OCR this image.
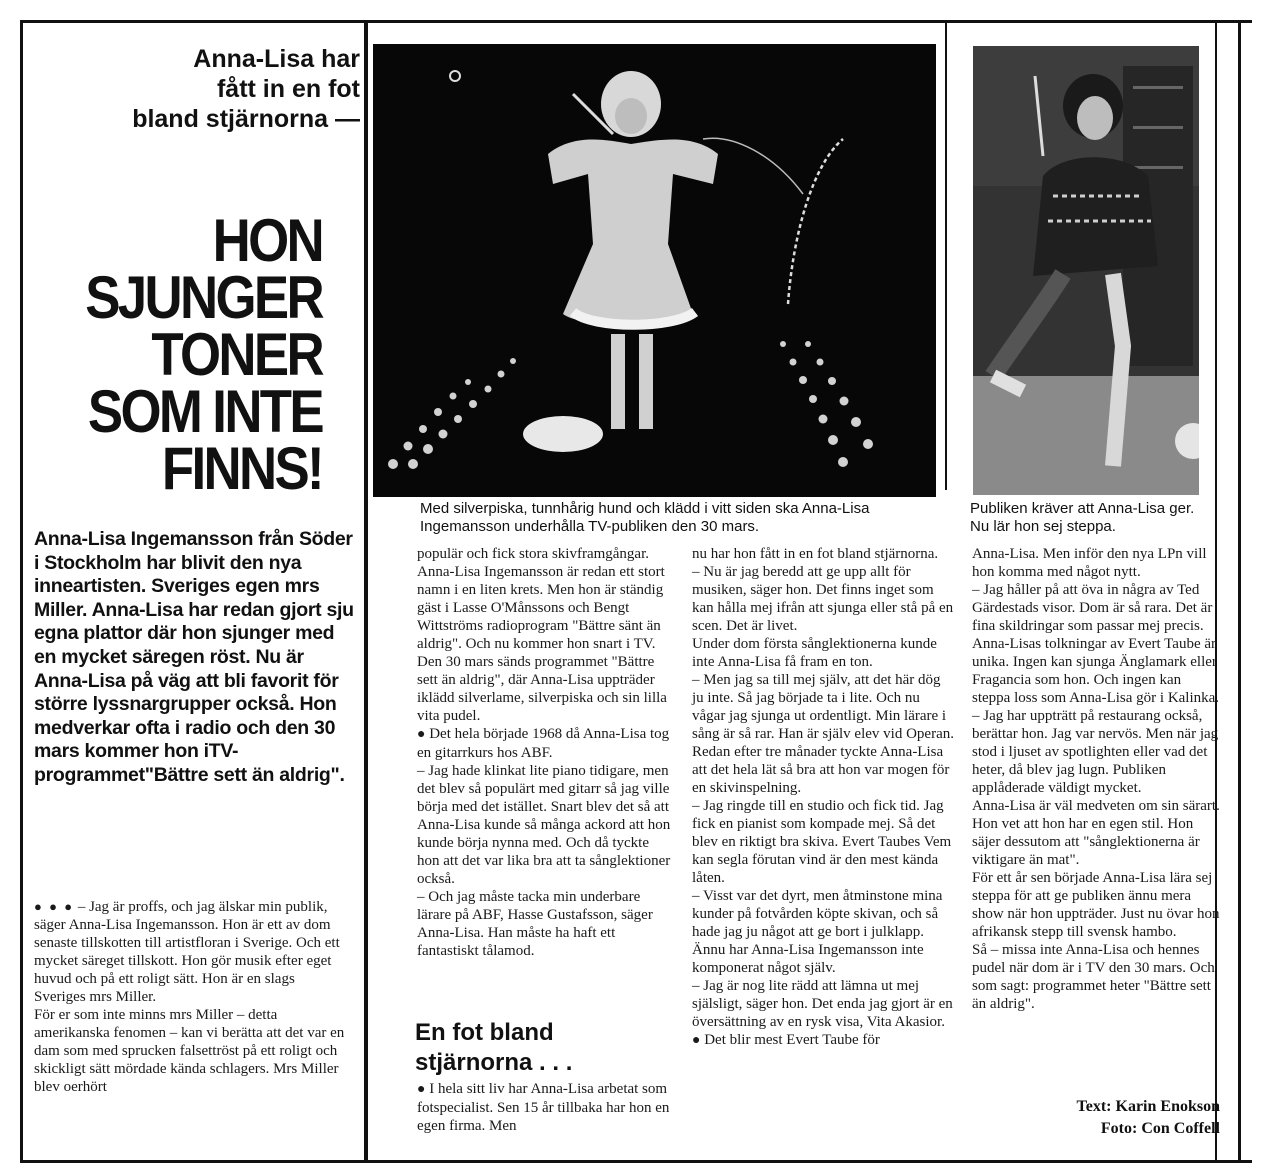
Anna-Lisa har
fått in en fot
bland stjärnorna —
HON
SJUNGER
TONER
SOM INTE
FINNS!
Anna-Lisa Ingemansson från Söder i Stockholm har blivit den nya inneartisten. Sveriges egen mrs Miller. Anna-Lisa har redan gjort sju egna plattor där hon sjunger med en mycket säregen röst. Nu är Anna-Lisa på väg att bli favorit för större lyssnargrupper också. Hon medverkar ofta i radio och den 30 mars kommer hon iTV-programmet"Bättre sett än aldrig".
Med silverpiska, tunnhårig hund och klädd i vitt siden ska Anna-Lisa Ingemansson underhålla TV-publiken den 30 mars.
Publiken kräver att Anna-Lisa ger. Nu lär hon sej steppa.

● ● ● – Jag är proffs, och jag älskar min publik, säger Anna-Lisa Ingemansson. Hon är ett av dom senaste tillskotten till artistfloran i Sverige. Och ett mycket säreget tillskott. Hon gör musik efter eget huvud och på ett roligt sätt. Hon är en slags Sveriges mrs Miller.

För er som inte minns mrs Miller – detta amerikanska fenomen – kan vi berätta att det var en dam som med sprucken falsettröst på ett roligt och skickligt sätt mördade kända schlagers. Mrs Miller blev oerhört

populär och fick stora skivframgångar.

Anna-Lisa Ingemansson är redan ett stort namn i en liten krets. Men hon är ständig gäst i Lasse O'Månssons och Bengt Wittströms radioprogram "Bättre sänt än aldrig". Och nu kommer hon snart i TV. Den 30 mars sänds programmet "Bättre sett än aldrig", där Anna-Lisa uppträder iklädd silverlame, silverpiska och sin lilla vita pudel.

● Det hela började 1968 då Anna-Lisa tog en gitarrkurs hos ABF.

– Jag hade klinkat lite piano tidigare, men det blev så populärt med gitarr så jag ville börja med det istället. Snart blev det så att Anna-Lisa kunde så många ackord att hon kunde börja nynna med. Och då tyckte hon att det var lika bra att ta sånglektioner också.

– Och jag måste tacka min underbare lärare på ABF, Hasse Gustafsson, säger Anna-Lisa. Han måste ha haft ett fantastiskt tålamod.

En fot bland
stjärnorna . . .

● I hela sitt liv har Anna-Lisa arbetat som fotspecialist. Sen 15 år tillbaka har hon en egen firma. Men

nu har hon fått in en fot bland stjärnorna.

– Nu är jag beredd att ge upp allt för musiken, säger hon. Det finns inget som kan hålla mej ifrån att sjunga eller stå på en scen. Det är livet.

Under dom första sånglektionerna kunde inte Anna-Lisa få fram en ton.

– Men jag sa till mej själv, att det här dög ju inte. Så jag började ta i lite. Och nu vågar jag sjunga ut ordentligt. Min lärare i sång är så rar. Han är själv elev vid Operan. Redan efter tre månader tyckte Anna-Lisa att det hela lät så bra att hon var mogen för en skivinspelning.

– Jag ringde till en studio och fick tid. Jag fick en pianist som kompade mej. Så det blev en riktigt bra skiva. Evert Taubes Vem kan segla förutan vind är den mest kända låten.

– Visst var det dyrt, men åtminstone mina kunder på fotvården köpte skivan, och så hade jag ju något att ge bort i julklapp.

Ännu har Anna-Lisa Ingemansson inte komponerat något själv.

– Jag är nog lite rädd att lämna ut mej själsligt, säger hon. Det enda jag gjort är en översättning av en rysk visa, Vita Akasior.

● Det blir mest Evert Taube för

Anna-Lisa. Men inför den nya LPn vill hon komma med något nytt.

– Jag håller på att öva in några av Ted Gärdestads visor. Dom är så rara. Det är fina skildringar som passar mej precis.

Anna-Lisas tolkningar av Evert Taube är unika. Ingen kan sjunga Änglamark eller Fragancia som hon. Och ingen kan steppa loss som Anna-Lisa gör i Kalinka.

– Jag har uppträtt på restaurang också, berättar hon. Jag var nervös. Men när jag stod i ljuset av spotlighten eller vad det heter, då blev jag lugn. Publiken applåderade väldigt mycket.

Anna-Lisa är väl medveten om sin särart. Hon vet att hon har en egen stil. Hon säjer dessutom att "sånglektionerna är viktigare än mat".

För ett år sen började Anna-Lisa lära sej steppa för att ge publiken ännu mera show när hon uppträder. Just nu övar hon afrikansk stepp till svensk hambo.

Så – missa inte Anna-Lisa och hennes pudel när dom är i TV den 30 mars. Och som sagt: programmet heter "Bättre sett än aldrig".

Text: Karin Enokson
Foto: Con Coffell
